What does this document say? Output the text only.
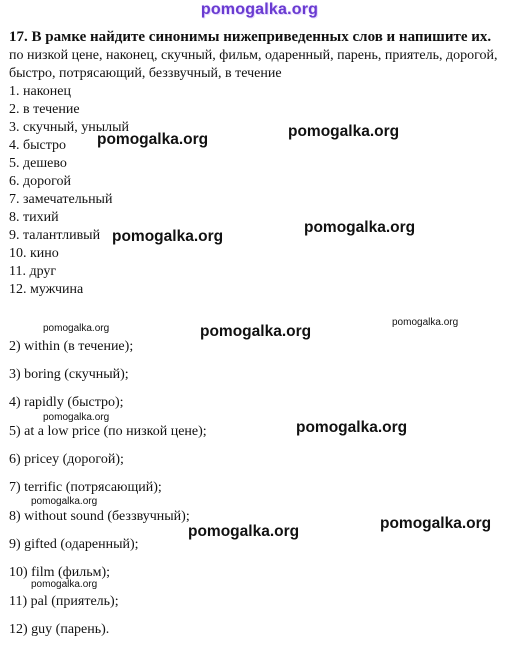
pomogalka.org
17. В рамке найдите синонимы нижеприведенных слов и напишите их.
по низкой цене, наконец, скучный, фильм, одаренный, парень, приятель, дорогой, быстро, потрясающий, беззвучный, в течение
1. наконец
2. в течение
3. скучный, унылый
4. быстро
5. дешево
6. дорогой
7. замечательный
8. тихий
9. талантливый
10. кино
11. друг
12. мужчина
2) within (в течение);
3) boring (скучный);
4) rapidly (быстро);
5) at a low price (по низкой цене);
6) pricey (дорогой);
7) terrific (потрясающий);
8) without sound (беззвучный);
9) gifted (одаренный);
10) film (фильм);
11) pal (приятель);
12) guy (парень).
pomogalka.org
pomogalka.org
pomogalka.org
pomogalka.org
pomogalka.org
pomogalka.org
pomogalka.org
pomogalka.org
pomogalka.org
pomogalka.org
pomogalka.org
pomogalka.org
pomogalka.org
